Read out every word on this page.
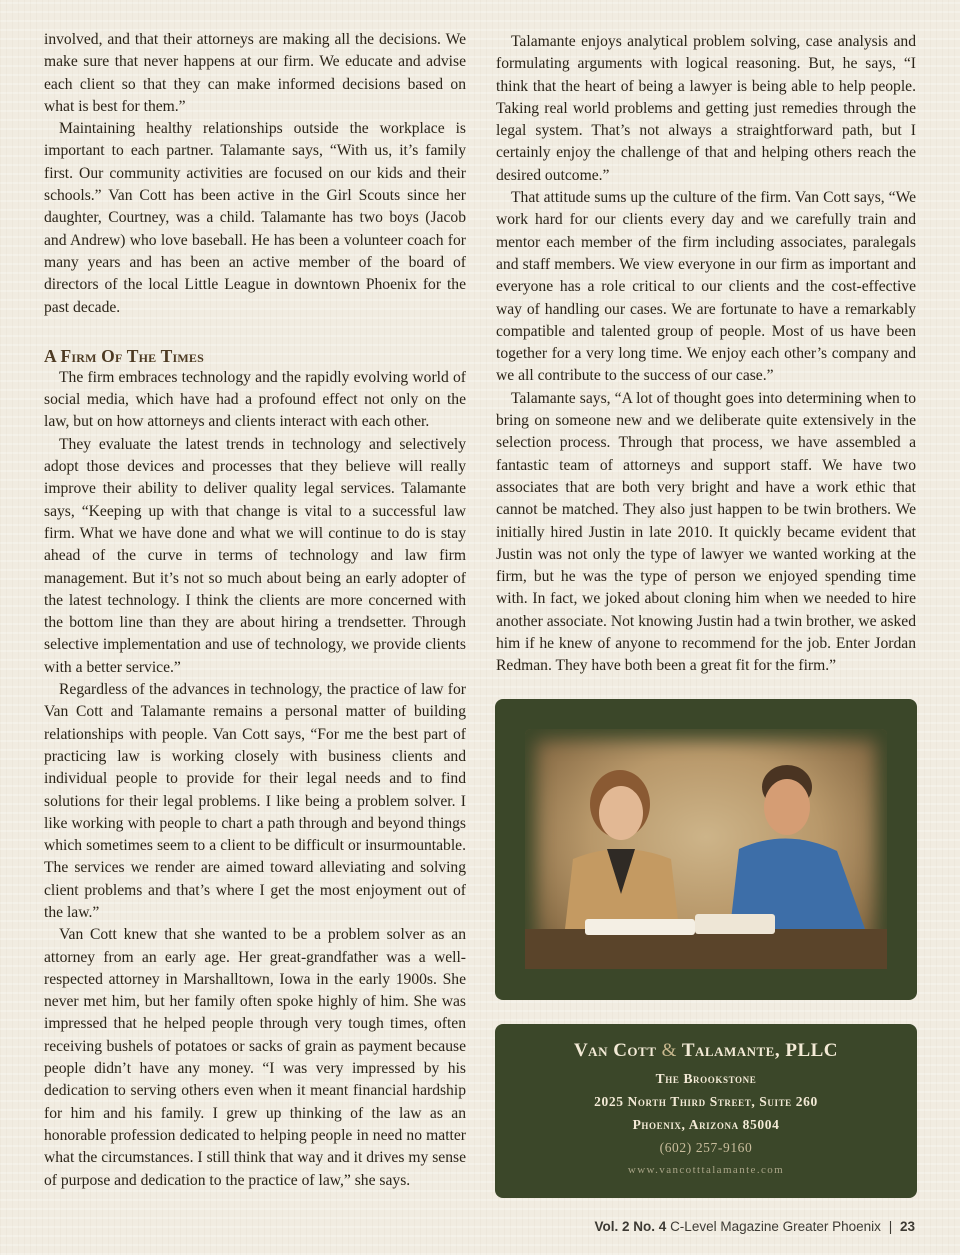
involved, and that their attorneys are making all the decisions. We make sure that never happens at our firm. We educate and advise each client so that they can make informed decisions based on what is best for them.”

Maintaining healthy relationships outside the workplace is important to each partner. Talamante says, “With us, it’s family first. Our community activities are focused on our kids and their schools.” Van Cott has been active in the Girl Scouts since her daughter, Courtney, was a child. Talamante has two boys (Jacob and Andrew) who love baseball. He has been a volunteer coach for many years and has been an active member of the board of directors of the local Little League in downtown Phoenix for the past decade.

A Firm Of The Times

The firm embraces technology and the rapidly evolving world of social media, which have had a profound effect not only on the law, but on how attorneys and clients interact with each other.

They evaluate the latest trends in technology and selectively adopt those devices and processes that they believe will really improve their ability to deliver quality legal services. Talamante says, “Keeping up with that change is vital to a successful law firm. What we have done and what we will continue to do is stay ahead of the curve in terms of technology and law firm management. But it’s not so much about being an early adopter of the latest technology. I think the clients are more concerned with the bottom line than they are about hiring a trendsetter. Through selective implementation and use of technology, we provide clients with a better service.”

Regardless of the advances in technology, the practice of law for Van Cott and Talamante remains a personal matter of building relationships with people. Van Cott says, “For me the best part of practicing law is working closely with business clients and individual people to provide for their legal needs and to find solutions for their legal problems. I like being a problem solver. I like working with people to chart a path through and beyond things which sometimes seem to a client to be difficult or insurmountable. The services we render are aimed toward alleviating and solving client problems and that’s where I get the most enjoyment out of the law.”

Van Cott knew that she wanted to be a problem solver as an attorney from an early age. Her great-grandfather was a well-respected attorney in Marshalltown, Iowa in the early 1900s. She never met him, but her family often spoke highly of him. She was impressed that he helped people through very tough times, often receiving bushels of potatoes or sacks of grain as payment because people didn’t have any money. “I was very impressed by his dedication to serving others even when it meant financial hardship for him and his family. I grew up thinking of the law as an honorable profession dedicated to helping people in need no matter what the circumstances. I still think that way and it drives my sense of purpose and dedication to the practice of law,” she says.

Talamante enjoys analytical problem solving, case analysis and formulating arguments with logical reasoning. But, he says, “I think that the heart of being a lawyer is being able to help people. Taking real world problems and getting just remedies through the legal system. That’s not always a straightforward path, but I certainly enjoy the challenge of that and helping others reach the desired outcome.”

That attitude sums up the culture of the firm. Van Cott says, “We work hard for our clients every day and we carefully train and mentor each member of the firm including associates, paralegals and staff members. We view everyone in our firm as important and everyone has a role critical to our clients and the cost-effective way of handling our cases. We are fortunate to have a remarkably compatible and talented group of people. Most of us have been together for a very long time. We enjoy each other’s company and we all contribute to the success of our case.”

Talamante says, “A lot of thought goes into determining when to bring on someone new and we deliberate quite extensively in the selection process. Through that process, we have assembled a fantastic team of attorneys and support staff. We have two associates that are both very bright and have a work ethic that cannot be matched. They also just happen to be twin brothers. We initially hired Justin in late 2010. It quickly became evident that Justin was not only the type of lawyer we wanted working at the firm, but he was the type of person we enjoyed spending time with. In fact, we joked about cloning him when we needed to hire another associate. Not knowing Justin had a twin brother, we asked him if he knew of anyone to recommend for the job. Enter Jordan Redman. They have both been a great fit for the firm.”

Van Cott & Talamante, PLLC
The Brookstone
2025 North Third Street, Suite 260
Phoenix, Arizona 85004
(602) 257-9160
www.vancotttalamante.com
Vol. 2 No. 4 C-Level Magazine Greater Phoenix | 23
